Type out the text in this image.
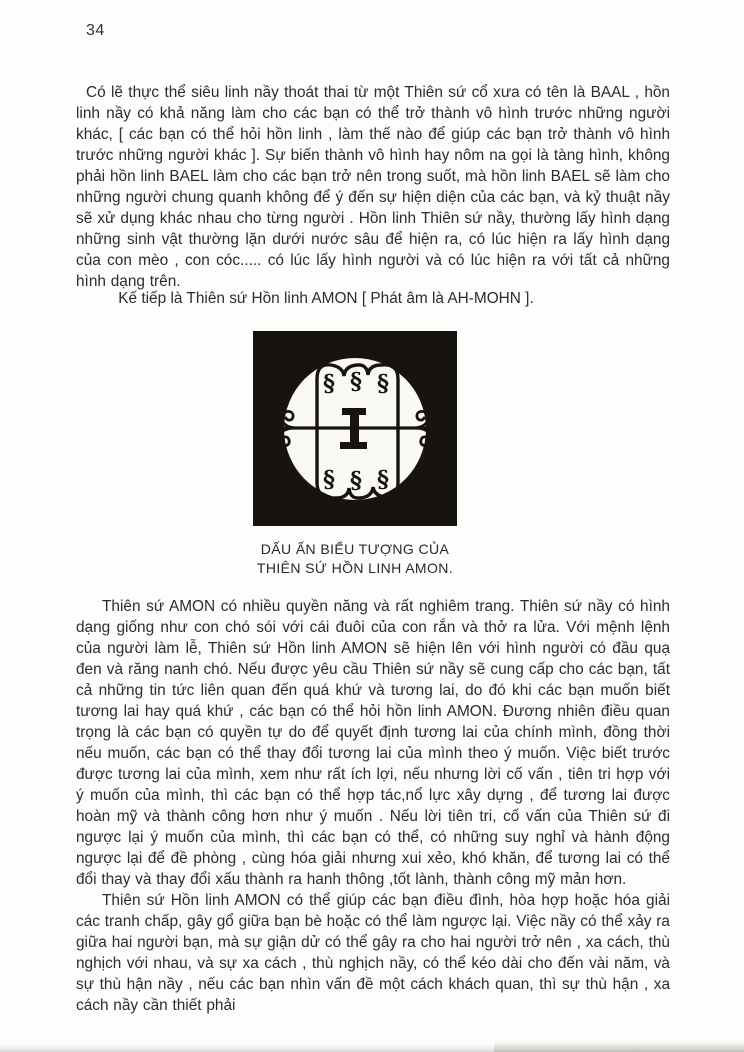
34

Có lẽ thực thể siêu linh nầy thoát thai từ một Thiên sứ cổ xưa có tên là BAAL , hồn linh nầy có khả năng làm cho các bạn có thể trở thành vô hình trước những người khác, [ các bạn có thể hỏi hồn linh , làm thế nào để giúp các bạn trở thành vô hình trước những người khác ]. Sự biến thành vô hình hay nôm na gọi là tàng hình, không phải hồn linh BAEL làm cho các bạn trở nên trong suốt, mà hồn linh BAEL sẽ làm cho những người chung quanh không để ý đến sự hiện diện của các bạn, và kỷ thuật nầy sẽ xử dụng khác nhau cho từng người . Hồn linh Thiên sứ nầy, thường lấy hình dạng những sinh vật thường lặn dưới nước sâu để hiện ra, có lúc hiện ra lấy hình dạng của con mèo , con cóc..... có lúc lấy hình người và có lúc hiện ra với tất cả những hình dạng trên.

Kế tiếp là Thiên sứ Hồn linh AMON [ Phát âm là AH-MOHN ].
§ § §
§ § §
DẤU ẤN BIỂU TƯỢNG CỦA
THIÊN SỨ HỒN LINH AMON.

Thiên sứ AMON có nhiều quyền năng và rất nghiêm trang. Thiên sứ nầy có hình dạng giống như con chó sói với cái đuôi của con rắn và thở ra lửa. Với mệnh lệnh của người làm lễ, Thiên sứ Hồn linh AMON sẽ hiện lên với hình người có đầu quạ đen và răng nanh chó. Nếu được yêu cầu Thiên sứ nầy sẽ cung cấp cho các bạn, tất cả những tin tức liên quan đến quá khứ và tương lai, do đó khi các bạn muốn biết tương lai hay quá khứ , các bạn có thể hỏi hồn linh AMON. Đương nhiên điều quan trọng là các bạn có quyền tự do để quyết định tương lai của chính mình, đồng thời nếu muốn, các bạn có thể thay đổi tương lai của mình theo ý muốn. Việc biết trước được tương lai của mình, xem như rất ích lợi, nếu nhưng lời cố vấn , tiên tri hợp với ý muốn của mình, thì các bạn có thể hợp tác,nổ lực xây dựng , để tương lai được hoàn mỹ và thành công hơn như ý muốn . Nếu lời tiên tri, cố vấn của Thiên sứ đi ngược lại ý muốn của mình, thì các bạn có thể, có những suy nghỉ và hành động ngược lại để đề phòng , cùng hóa giải nhưng xui xẻo, khó khăn, để tương lai có thể đổi thay và thay đổi xấu thành ra hanh thông ,tốt lành, thành công mỹ mản hơn.

Thiên sứ Hồn linh AMON có thể giúp các bạn điều đình, hòa hợp hoặc hóa giải các tranh chấp, gây gổ giữa bạn bè hoặc có thể làm ngược lại. Việc nầy có thể xảy ra giữa hai người bạn, mà sự giận dử có thể gây ra cho hai người trở nên , xa cách, thù nghịch với nhau, và sự xa cách , thù nghịch nầy, có thể kéo dài cho đến vài năm, và sự thù hận nầy , nếu các bạn nhìn vấn đề một cách khách quan, thì sự thù hận , xa cách nầy cần thiết phải
